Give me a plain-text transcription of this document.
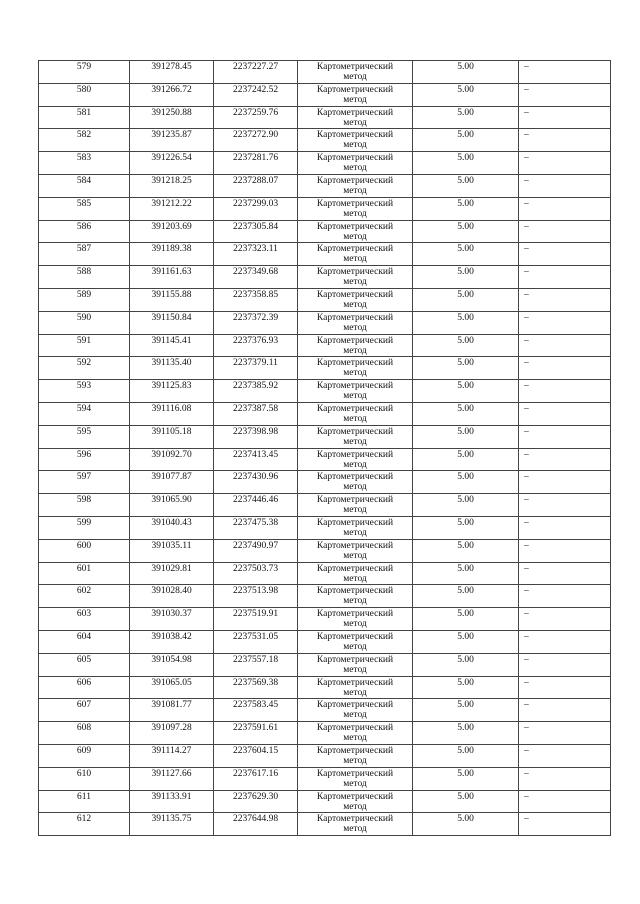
579	391278.45	2237227.27	Картометрический метод	5.00	–
580	391266.72	2237242.52	Картометрический метод	5.00	–
581	391250.88	2237259.76	Картометрический метод	5.00	–
582	391235.87	2237272.90	Картометрический метод	5.00	–
583	391226.54	2237281.76	Картометрический метод	5.00	–
584	391218.25	2237288.07	Картометрический метод	5.00	–
585	391212.22	2237299.03	Картометрический метод	5.00	–
586	391203.69	2237305.84	Картометрический метод	5.00	–
587	391189.38	2237323.11	Картометрический метод	5.00	–
588	391161.63	2237349.68	Картометрический метод	5.00	–
589	391155.88	2237358.85	Картометрический метод	5.00	–
590	391150.84	2237372.39	Картометрический метод	5.00	–
591	391145.41	2237376.93	Картометрический метод	5.00	–
592	391135.40	2237379.11	Картометрический метод	5.00	–
593	391125.83	2237385.92	Картометрический метод	5.00	–
594	391116.08	2237387.58	Картометрический метод	5.00	–
595	391105.18	2237398.98	Картометрический метод	5.00	–
596	391092.70	2237413.45	Картометрический метод	5.00	–
597	391077.87	2237430.96	Картометрический метод	5.00	–
598	391065.90	2237446.46	Картометрический метод	5.00	–
599	391040.43	2237475.38	Картометрический метод	5.00	–
600	391035.11	2237490.97	Картометрический метод	5.00	–
601	391029.81	2237503.73	Картометрический метод	5.00	–
602	391028.40	2237513.98	Картометрический метод	5.00	–
603	391030.37	2237519.91	Картометрический метод	5.00	–
604	391038.42	2237531.05	Картометрический метод	5.00	–
605	391054.98	2237557.18	Картометрический метод	5.00	–
606	391065.05	2237569.38	Картометрический метод	5.00	–
607	391081.77	2237583.45	Картометрический метод	5.00	–
608	391097.28	2237591.61	Картометрический метод	5.00	–
609	391114.27	2237604.15	Картометрический метод	5.00	–
610	391127.66	2237617.16	Картометрический метод	5.00	–
611	391133.91	2237629.30	Картометрический метод	5.00	–
612	391135.75	2237644.98	Картометрический метод	5.00	–
